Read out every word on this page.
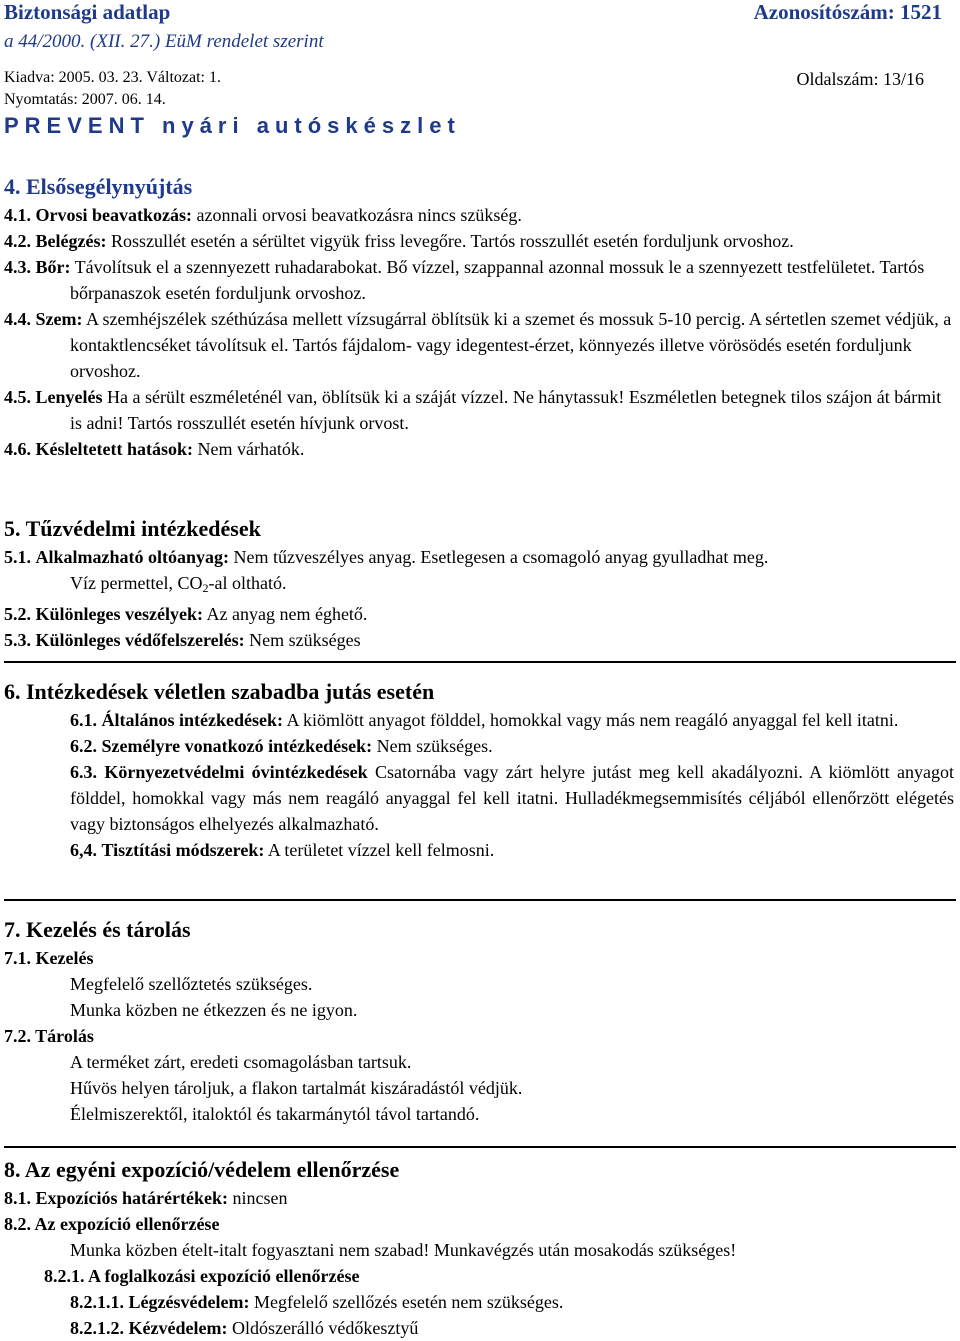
Biztonsági adatlap	Azonosítószám: 1521
a 44/2000. (XII. 27.) EüM rendelet szerint
Kiadva: 2005. 03. 23. Változat: 1.	Oldalszám: 13/16
Nyomtatás: 2007. 06. 14.
PREVENT nyári autóskészlet
4. Elsősegélynyújtás

4.1. Orvosi beavatkozás: azonnali orvosi beavatkozásra nincs szükség.

4.2. Belégzés: Rosszullét esetén a sérültet vigyük friss levegőre. Tartós rosszullét esetén forduljunk orvoshoz.

4.3. Bőr: Távolítsuk el a szennyezett ruhadarabokat. Bő vízzel, szappannal azonnal mossuk le a szennyezett testfelületet. Tartós bőrpanaszok esetén forduljunk orvoshoz.

4.4. Szem: A szemhéjszélek széthúzása mellett vízsugárral öblítsük ki a szemet és mossuk 5-10 percig. A sértetlen szemet védjük, a kontaktlencséket távolítsuk el. Tartós fájdalom- vagy idegentest-érzet, könnyezés illetve vörösödés esetén forduljunk orvoshoz.

4.5. Lenyelés Ha a sérült eszméleténél van, öblítsük ki a száját vízzel. Ne hánytassuk! Eszméletlen betegnek tilos szájon át bármit is adni! Tartós rosszullét esetén hívjunk orvost.

4.6. Késleltetett hatások: Nem várhatók.

5. Tűzvédelmi intézkedések

5.1. Alkalmazható oltóanyag: Nem tűzveszélyes anyag. Esetlegesen a csomagoló anyag gyulladhat meg.

Víz permettel, $CO_2-al$ oltható.

5.2. Különleges veszélyek: Az anyag nem éghető.

5.3. Különleges védőfelszerelés: Nem szükséges

6. Intézkedések véletlen szabadba jutás esetén

6.1. Általános intézkedések: A kiömlött anyagot földdel, homokkal vagy más nem reagáló anyaggal fel kell itatni.

6.2. Személyre vonatkozó intézkedések: Nem szükséges.

6.3. Környezetvédelmi óvintézkedések Csatornába vagy zárt helyre jutást meg kell akadályozni. A kiömlött anyagot földdel, homokkal vagy más nem reagáló anyaggal fel kell itatni. Hulladékmegsemmisítés céljából ellenőrzött elégetés vagy biztonságos elhelyezés alkalmazható.

6,4. Tisztítási módszerek: A területet vízzel kell felmosni.

7. Kezelés és tárolás

7.1. Kezelés

Megfelelő szellőztetés szükséges.

Munka közben ne étkezzen és ne igyon.

7.2. Tárolás

A terméket zárt, eredeti csomagolásban tartsuk.

Hűvös helyen tároljuk, a flakon tartalmát kiszáradástól védjük.

Élelmiszerektől, italoktól és takarmánytól távol tartandó.

8. Az egyéni expozíció/védelem ellenőrzése

8.1. Expozíciós határértékek: nincsen

8.2. Az expozíció ellenőrzése

Munka közben ételt-italt fogyasztani nem szabad! Munkavégzés után mosakodás szükséges!

8.2.1. A foglalkozási expozíció ellenőrzése

8.2.1.1. Légzésvédelem: Megfelelő szellőzés esetén nem szükséges.

8.2.1.2. Kézvédelem: Oldószerálló védőkesztyű
